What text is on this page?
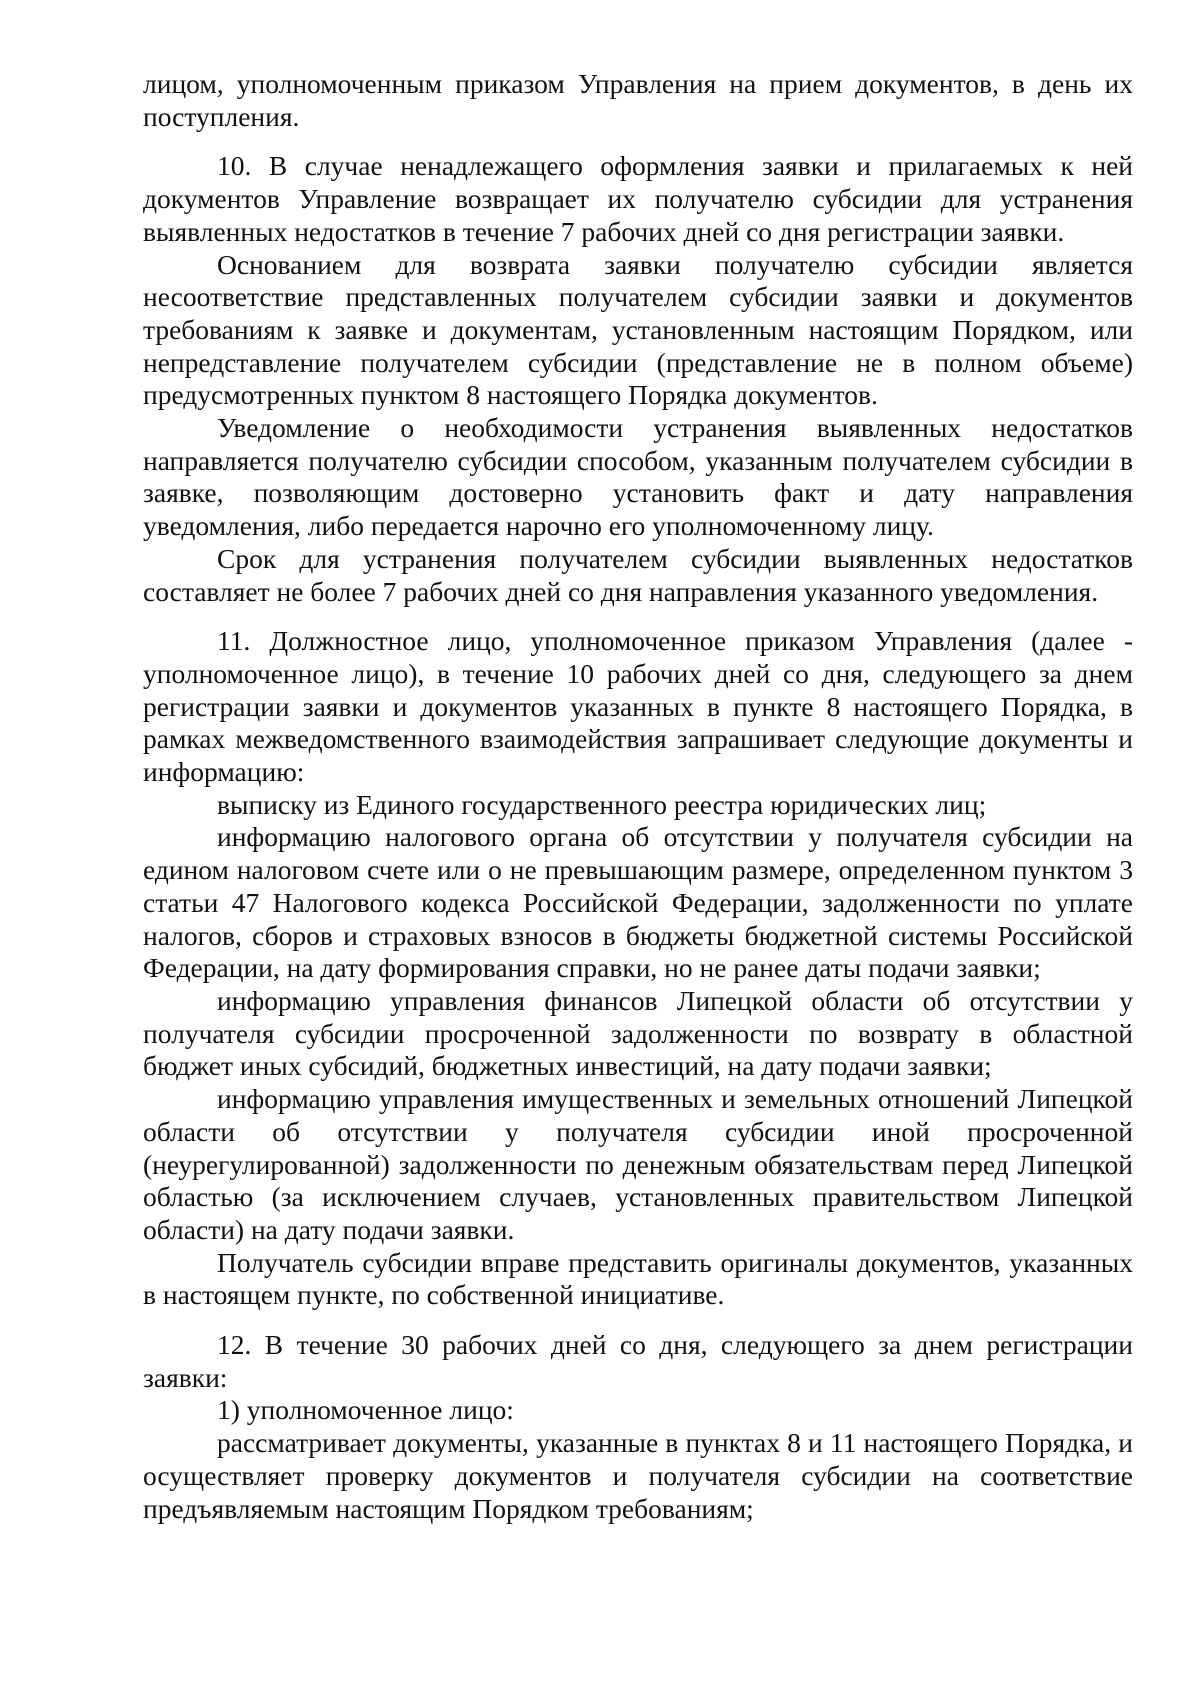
лицом, уполномоченным приказом Управления на прием документов, в день их поступления.

10. В случае ненадлежащего оформления заявки и прилагаемых к ней документов Управление возвращает их получателю субсидии для устранения выявленных недостатков в течение 7 рабочих дней со дня регистрации заявки.

Основанием для возврата заявки получателю субсидии является несоответствие представленных получателем субсидии заявки и документов требованиям к заявке и документам, установленным настоящим Порядком, или непредставление получателем субсидии (представление не в полном объеме) предусмотренных пунктом 8 настоящего Порядка документов.

Уведомление о необходимости устранения выявленных недостатков направляется получателю субсидии способом, указанным получателем субсидии в заявке, позволяющим достоверно установить факт и дату направления уведомления, либо передается нарочно его уполномоченному лицу.

Срок для устранения получателем субсидии выявленных недостатков составляет не более 7 рабочих дней со дня направления указанного уведомления.

11. Должностное лицо, уполномоченное приказом Управления (далее - уполномоченное лицо), в течение 10 рабочих дней со дня, следующего за днем регистрации заявки и документов указанных в пункте 8 настоящего Порядка, в рамках межведомственного взаимодействия запрашивает следующие документы и информацию:

выписку из Единого государственного реестра юридических лиц;

информацию налогового органа об отсутствии у получателя субсидии на едином налоговом счете или о не превышающим размере, определенном пунктом 3 статьи 47 Налогового кодекса Российской Федерации, задолженности по уплате налогов, сборов и страховых взносов в бюджеты бюджетной системы Российской Федерации, на дату формирования справки, но не ранее даты подачи заявки;

информацию управления финансов Липецкой области об отсутствии у получателя субсидии просроченной задолженности по возврату в областной бюджет иных субсидий, бюджетных инвестиций, на дату подачи заявки;

информацию управления имущественных и земельных отношений Липецкой области об отсутствии у получателя субсидии иной просроченной (неурегулированной) задолженности по денежным обязательствам перед Липецкой областью (за исключением случаев, установленных правительством Липецкой области) на дату подачи заявки.

Получатель субсидии вправе представить оригиналы документов, указанных в настоящем пункте, по собственной инициативе.

12. В течение 30 рабочих дней со дня, следующего за днем регистрации заявки:

1) уполномоченное лицо:

рассматривает документы, указанные в пунктах 8 и 11 настоящего Порядка, и осуществляет проверку документов и получателя субсидии на соответствие предъявляемым настоящим Порядком требованиям;
